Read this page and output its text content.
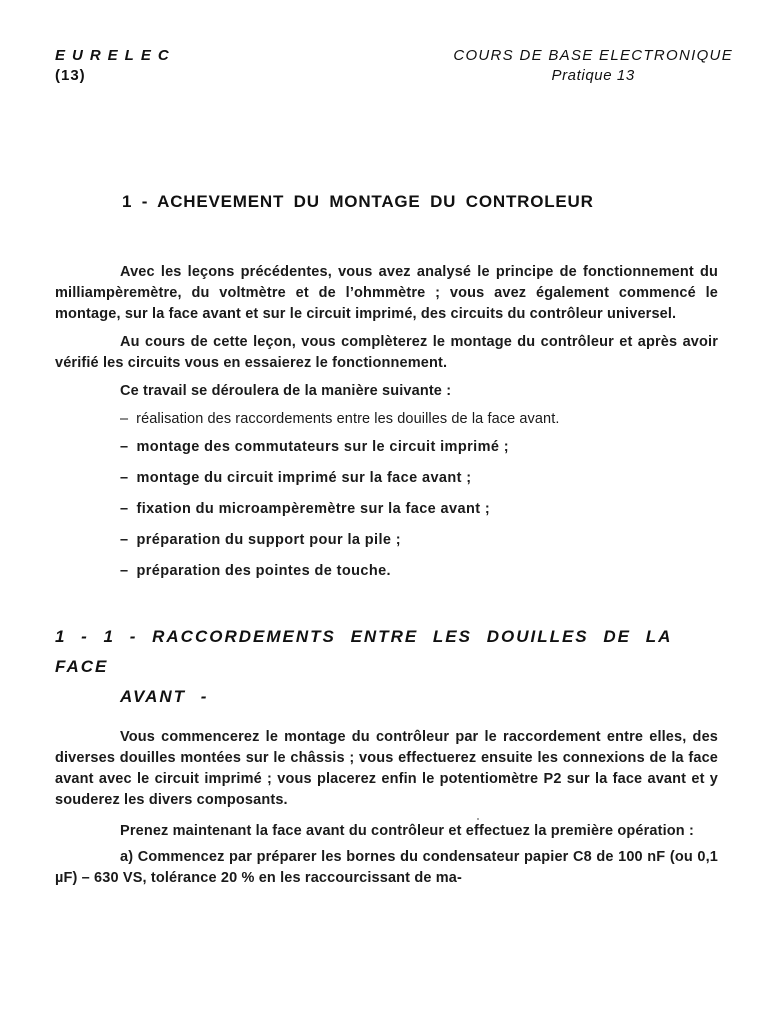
EURELEC
(13)
COURS DE BASE ELECTRONIQUE
Pratique 13
1 - ACHEVEMENT DU MONTAGE DU CONTROLEUR

Avec les leçons précédentes, vous avez analysé le principe de fonctionnement du milliampèremètre, du voltmètre et de l’ohmmètre ; vous avez également commencé le montage, sur la face avant et sur le circuit imprimé, des circuits du contrôleur universel.

Au cours de cette leçon, vous complèterez le montage du contrôleur et après avoir vérifié les circuits vous en essaierez le fonctionnement.

Ce travail se déroulera de la manière suivante :

– réalisation des raccordements entre les douilles de la face avant.
– montage des commutateurs sur le circuit imprimé ;
– montage du circuit imprimé sur la face avant ;
– fixation du microampèremètre sur la face avant ;
– préparation du support pour la pile ;
– préparation des pointes de touche.
1 - 1 - RACCORDEMENTS ENTRE LES DOUILLES DE LA FACE
AVANT -

Vous commencerez le montage du contrôleur par le raccordement entre elles, des diverses douilles montées sur le châssis ; vous effectuerez ensuite les connexions de la face avant avec le circuit imprimé ; vous placerez enfin le potentiomètre P2 sur la face avant et y souderez les divers composants.

Prenez maintenant la face avant du contrôleur et effectuez la première opération :

a) Commencez par préparer les bornes du condensateur papier C8 de 100 nF (ou 0,1 µF) – 630 VS, tolérance 20 % en les raccourcissant de ma-
